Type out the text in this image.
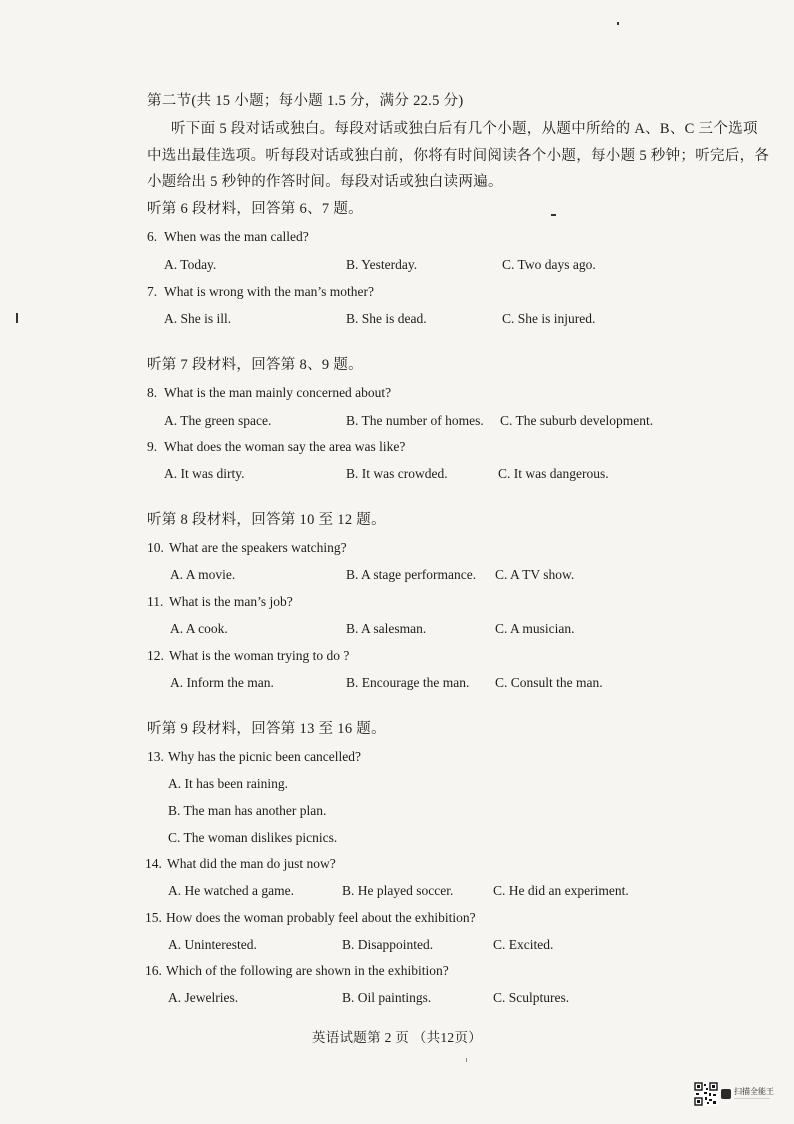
第二节(共 15 小题；每小题 1.5 分，满分 22.5 分)
听下面 5 段对话或独白。每段对话或独白后有几个小题，从题中所给的 A、B、C 三个选项
中选出最佳选项。听每段对话或独白前，你将有时间阅读各个小题，每小题 5 秒钟；听完后，各
小题给出 5 秒钟的作答时间。每段对话或独白读两遍。
听第 6 段材料，回答第 6、7 题。
6. When was the man called?
A. Today.	B. Yesterday.	C. Two days ago.
7. What is wrong with the man’s mother?
A. She is ill.	B. She is dead.	C. She is injured.
听第 7 段材料，回答第 8、9 题。
8. What is the man mainly concerned about?
A. The green space.	B. The number of homes. C. The suburb development.
9. What does the woman say the area was like?
A. It was dirty.	B. It was crowded.	C. It was dangerous.
听第 8 段材料，回答第 10 至 12 题。
10. What are the speakers watching?
A. A movie.	B. A stage performance. C. A TV show.
11. What is the man’s job?
A. A cook.	B. A salesman.	C. A musician.
12. What is the woman trying to do ?
A. Inform the man.	B. Encourage the man. C. Consult the man.
听第 9 段材料，回答第 13 至 16 题。
13. Why has the picnic been cancelled?
A. It has been raining.
B. The man has another plan.
C. The woman dislikes picnics.
14. What did the man do just now?
A. He watched a game.	B. He played soccer.	C. He did an experiment.
15. How does the woman probably feel about the exhibition?
A. Uninterested.	B. Disappointed.	C. Excited.
16. Which of the following are shown in the exhibition?
A. Jewelries.	B. Oil paintings.	C. Sculptures.
英语试题第 2 页 （共12页）
扫描全能王
—————————
